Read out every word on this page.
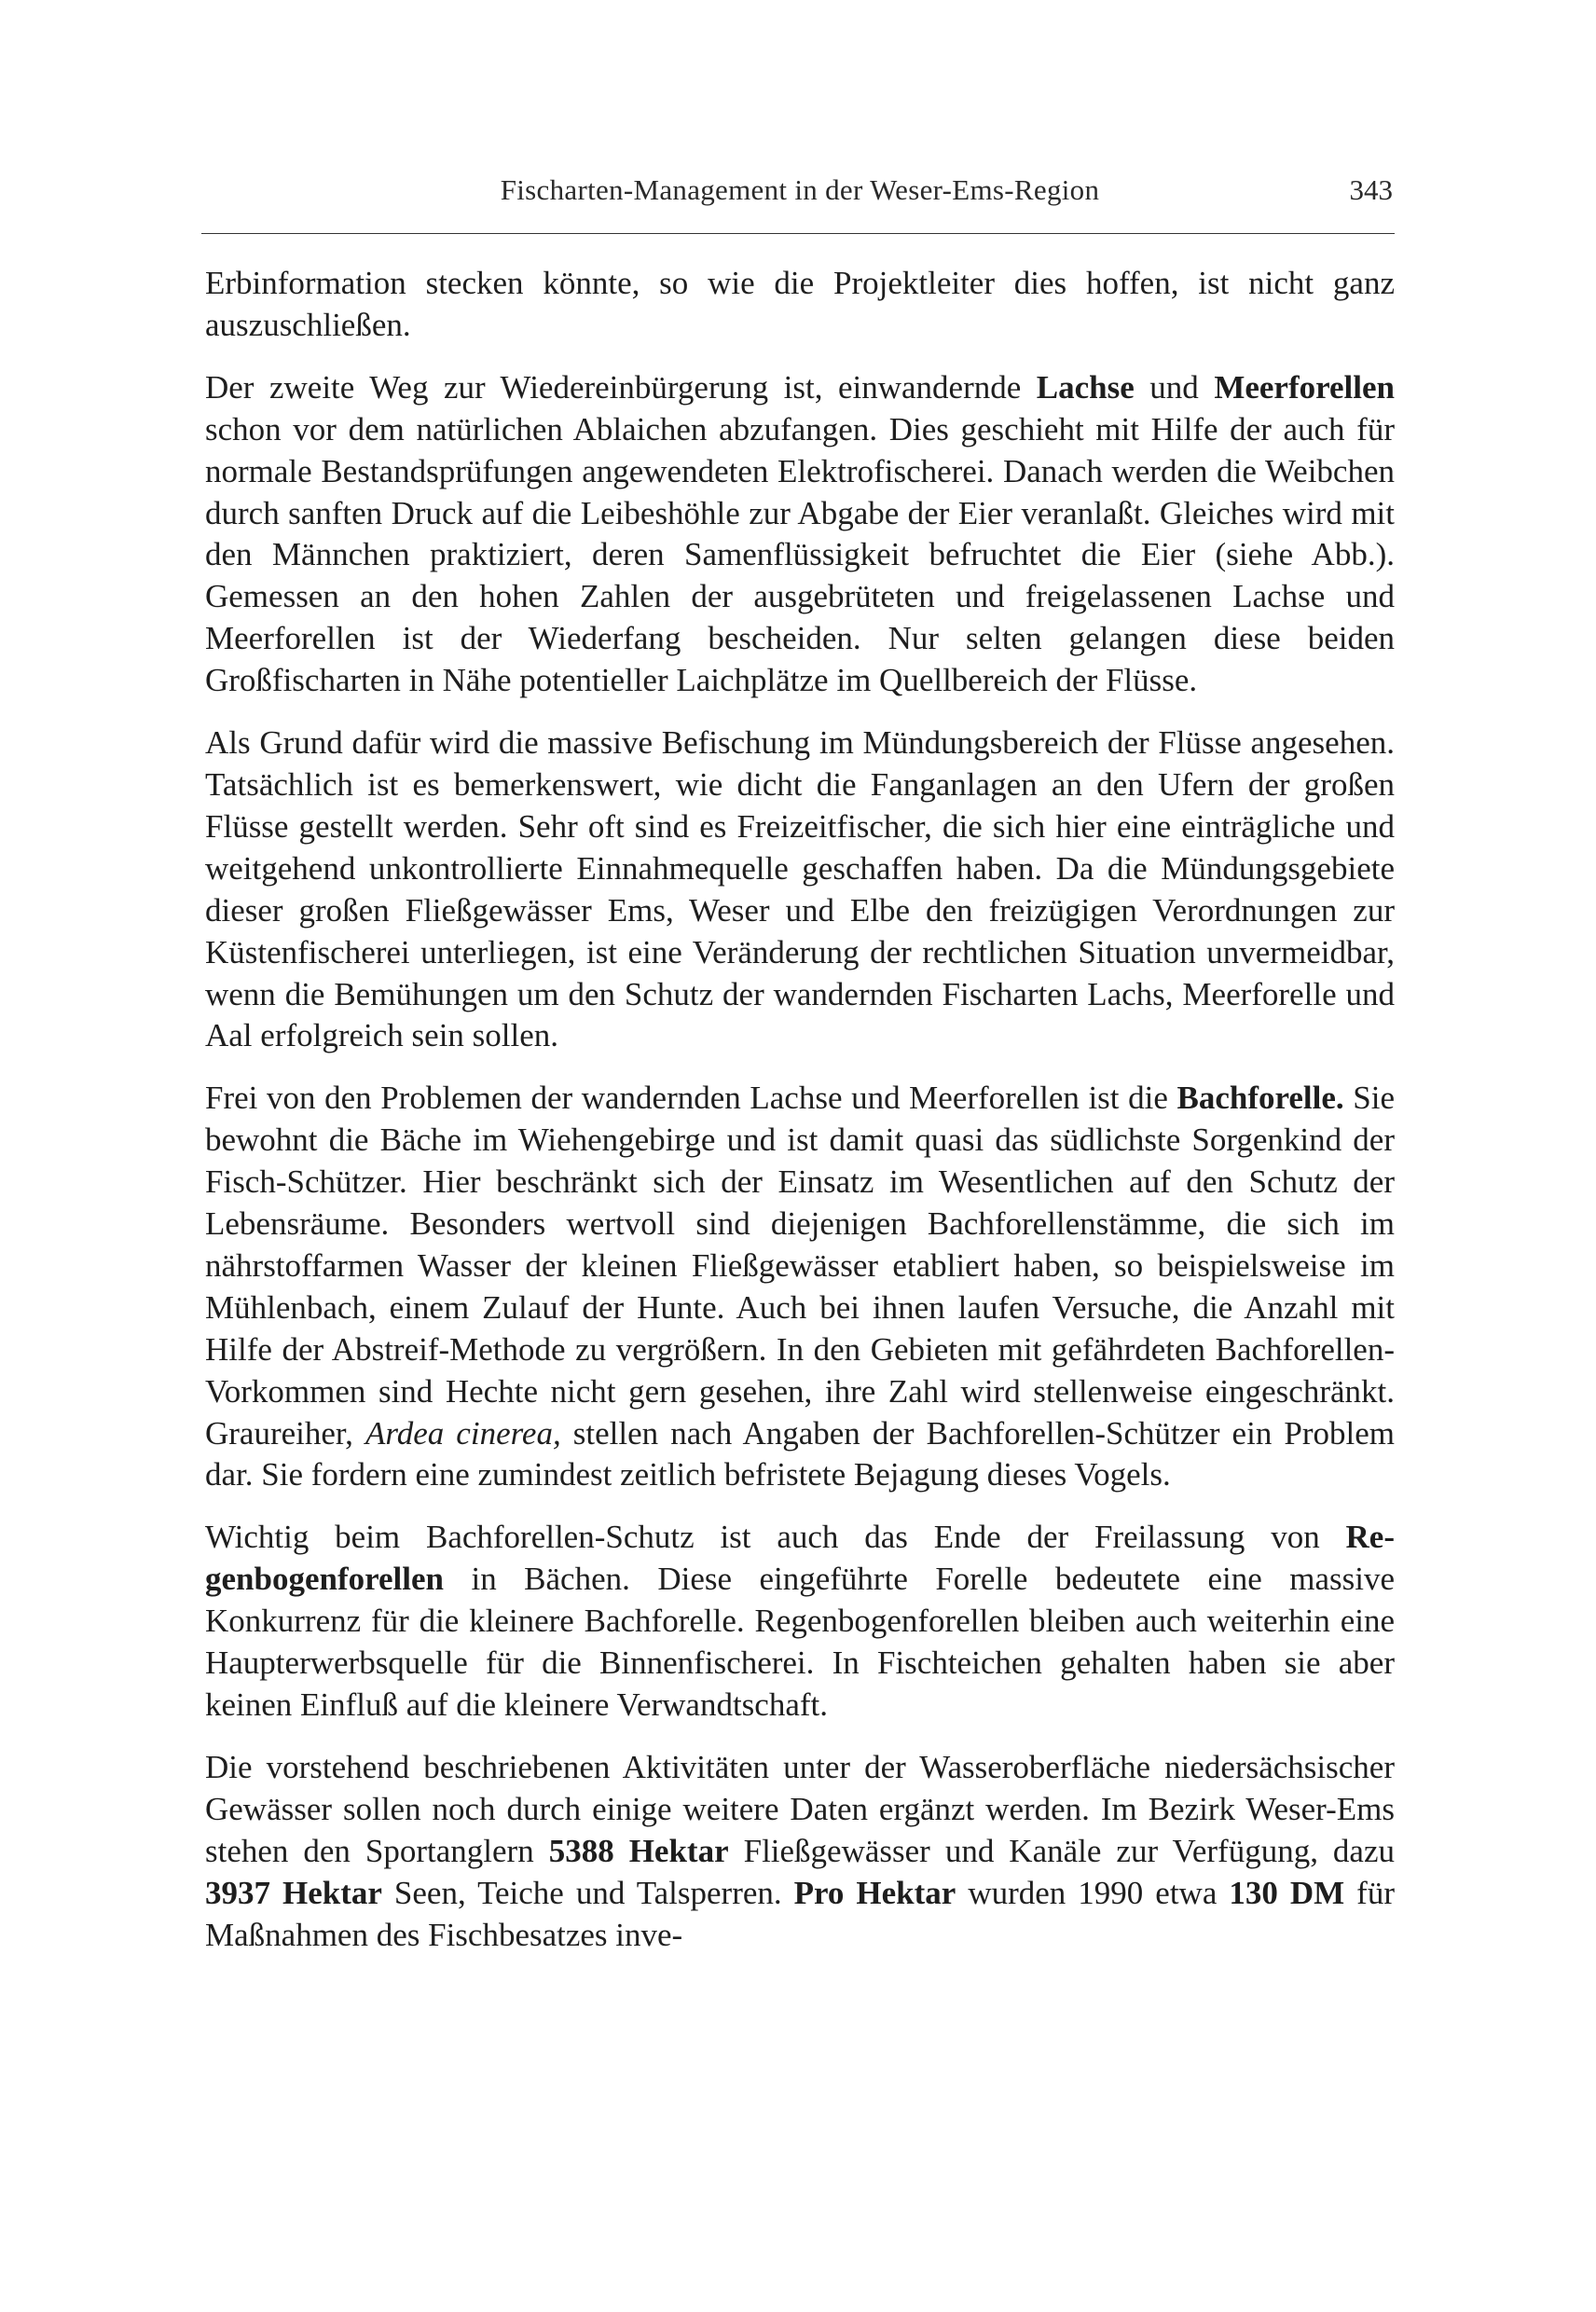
Fischarten-Management in der Weser-Ems-Region	343

Erbinformation stecken könnte, so wie die Projektleiter dies hoffen, ist nicht ganz auszuschließen.

Der zweite Weg zur Wiedereinbürgerung ist, einwandernde Lachse und Meerforellen schon vor dem natürlichen Ablaichen abzufangen. Dies geschieht mit Hilfe der auch für normale Bestandsprüfungen angewendeten Elektrofischerei. Danach werden die Weibchen durch sanften Druck auf die Leibeshöhle zur Abgabe der Eier veranlaßt. Gleiches wird mit den Männchen praktiziert, deren Samenflüssigkeit befruchtet die Eier (siehe Abb.). Gemessen an den hohen Zahlen der ausgebrüteten und freigelassenen Lachse und Meerforellen ist der Wiederfang bescheiden. Nur selten gelangen diese beiden Großfischarten in Nähe potentieller Laichplätze im Quellbereich der Flüsse.

Als Grund dafür wird die massive Befischung im Mündungsbereich der Flüsse angesehen. Tatsächlich ist es bemerkenswert, wie dicht die Fanganlagen an den Ufern der großen Flüsse gestellt werden. Sehr oft sind es Freizeitfischer, die sich hier eine einträgliche und weitgehend unkontrollierte Einnahmequelle geschaffen haben. Da die Mündungsgebiete dieser großen Fließgewässer Ems, Weser und Elbe den freizügigen Verordnungen zur Küstenfischerei unterliegen, ist eine Veränderung der rechtlichen Situation unvermeidbar, wenn die Bemühungen um den Schutz der wandernden Fischarten Lachs, Meerforelle und Aal erfolgreich sein sollen.

Frei von den Problemen der wandernden Lachse und Meerforellen ist die Bachforelle. Sie bewohnt die Bäche im Wiehengebirge und ist damit quasi das südlichste Sorgenkind der Fisch-Schützer. Hier beschränkt sich der Einsatz im Wesentlichen auf den Schutz der Lebensräume. Besonders wertvoll sind diejenigen Bachforellenstämme, die sich im nährstoffarmen Wasser der kleinen Fließgewässer etabliert haben, so beispielsweise im Mühlenbach, einem Zulauf der Hunte. Auch bei ihnen laufen Versuche, die Anzahl mit Hilfe der Abstreif-Methode zu vergrößern. In den Gebieten mit gefährdeten Bachforellen-Vorkommen sind Hechte nicht gern gesehen, ihre Zahl wird stellenweise eingeschränkt. Graureiher, Ardea cinerea, stellen nach Angaben der Bachforellen-Schützer ein Problem dar. Sie fordern eine zumindest zeitlich befristete Bejagung dieses Vogels.

Wichtig beim Bachforellen-Schutz ist auch das Ende der Freilassung von Regenbogenforellen in Bächen. Diese eingeführte Forelle bedeutete eine massive Konkurrenz für die kleinere Bachforelle. Regenbogenforellen bleiben auch weiterhin eine Haupterwerbsquelle für die Binnenfischerei. In Fischteichen gehalten haben sie aber keinen Einfluß auf die kleinere Verwandtschaft.

Die vorstehend beschriebenen Aktivitäten unter der Wasseroberfläche niedersächsischer Gewässer sollen noch durch einige weitere Daten ergänzt werden. Im Bezirk Weser-Ems stehen den Sportanglern 5388 Hektar Fließgewässer und Kanäle zur Verfügung, dazu 3937 Hektar Seen, Teiche und Talsperren. Pro Hektar wurden 1990 etwa 130 DM für Maßnahmen des Fischbesatzes inve-
